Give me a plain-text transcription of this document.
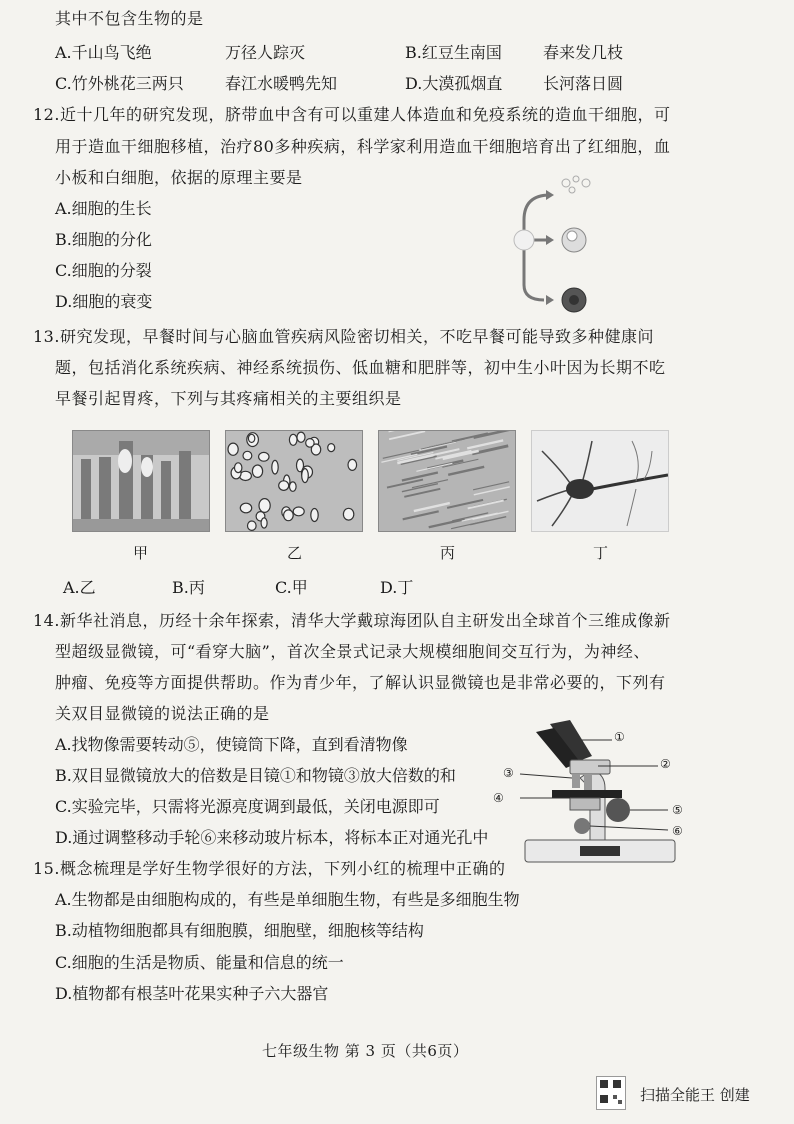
其中不包含生物的是
A.千山鸟飞绝	万径人踪灭	B.红豆生南国	春来发几枝
C.竹外桃花三两只	春江水暖鸭先知	D.大漠孤烟直	长河落日圆
12.近十几年的研究发现，脐带血中含有可以重建人体造血和免疫系统的造血干细胞，可
用于造血干细胞移植，治疗80多种疾病，科学家利用造血干细胞培育出了红细胞，血
小板和白细胞，依据的原理主要是
A.细胞的生长
B.细胞的分化
C.细胞的分裂
D.细胞的衰变
13.研究发现，早餐时间与心脑血管疾病风险密切相关，不吃早餐可能导致多种健康问
题，包括消化系统疾病、神经系统损伤、低血糖和肥胖等，初中生小叶因为长期不吃
早餐引起胃疼，下列与其疼痛相关的主要组织是
甲	乙	丙	丁
A.乙	B.丙	C.甲	D.丁
14.新华社消息，历经十余年探索，清华大学戴琼海团队自主研发出全球首个三维成像新
型超级显微镜，可“看穿大脑”，首次全景式记录大规模细胞间交互行为，为神经、
肿瘤、免疫等方面提供帮助。作为青少年，了解认识显微镜也是非常必要的，下列有
关双目显微镜的说法正确的是
A.找物像需要转动⑤，使镜筒下降，直到看清物像
B.双目显微镜放大的倍数是目镜①和物镜③放大倍数的和
C.实验完毕，只需将光源亮度调到最低，关闭电源即可
D.通过调整移动手轮⑥来移动玻片标本，将标本正对通光孔中
①
②
③
④
⑤
⑥
15.概念梳理是学好生物学很好的方法，下列小红的梳理中正确的
A.生物都是由细胞构成的，有些是单细胞生物，有些是多细胞生物
B.动植物细胞都具有细胞膜，细胞壁，细胞核等结构
C.细胞的生活是物质、能量和信息的统一
D.植物都有根茎叶花果实种子六大器官
七年级生物 第 3 页（共6页）
扫描全能王 创建
